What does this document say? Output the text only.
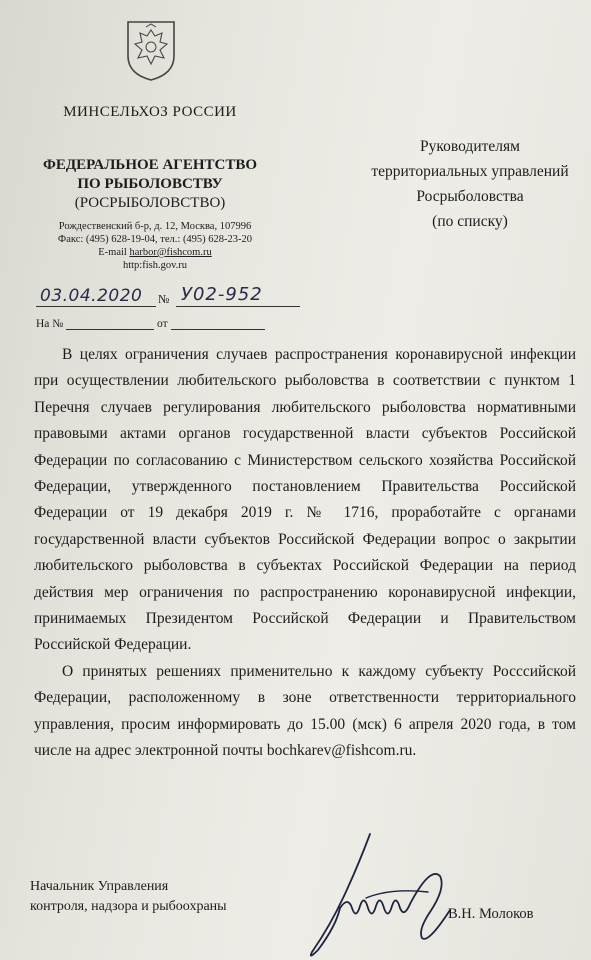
МИНСЕЛЬХОЗ РОССИИ
ФЕДЕРАЛЬНОЕ АГЕНТСТВО
ПО РЫБОЛОВСТВУ
(РОСРЫБОЛОВСТВО)
Рождественский б-р, д. 12, Москва, 107996
Факс: (495) 628-19-04, тел.: (495) 628-23-20
E-mail harbor@fishcom.ru
http:fish.gov.ru
Руководителям
территориальных управлений
Росрыболовства
(по списку)
03.04.2020 № У02-952
На №	от

В целях ограничения случаев распространения коронавирусной инфекции при осуществлении любительского рыболовства в соответствии с пунктом 1 Перечня случаев регулирования любительского рыболовства нормативными правовыми актами органов государственной власти субъектов Российской Федерации по согласованию с Министерством сельского хозяйства Российской Федерации, утвержденного постановлением Правительства Российской Федерации от 19 декабря 2019 г. № 1716, проработайте с органами государственной власти субъектов Российской Федерации вопрос о закрытии любительского рыболовства в субъектах Российской Федерации на период действия мер ограничения по распространению коронавирусной инфекции, принимаемых Президентом Российской Федерации и Правительством Российской Федерации.

О принятых решениях применительно к каждому субъекту Росссийской Федерации, расположенному в зоне ответственности территориального управления, просим информировать до 15.00 (мск) 6 апреля 2020 года, в том числе на адрес электронной почты bochkarev@fishcom.ru.

Начальник Управления
контроля, надзора и рыбоохраны	В.Н. Молоков
